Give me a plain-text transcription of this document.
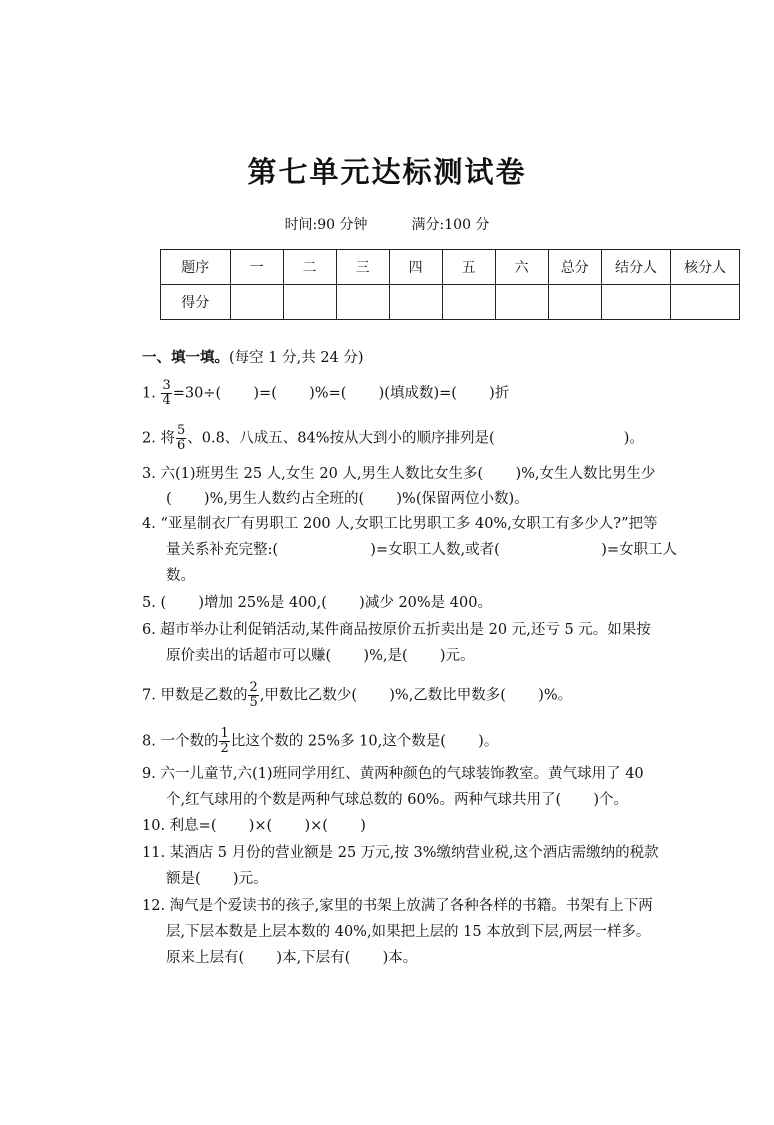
第七单元达标测试卷
时间:90 分钟	满分:100 分
题序	一	二	三	四	五	六	总分	结分人	核分人
得分									
一、填一填。(每空 1 分,共 24 分)
1. $\frac{3}{4} =30\div$(       )=(       )%=(       )(填成数)=(       )折
2. 将 $\frac{5}{6}$ 、0.8、八成五、84%按从大到小的顺序排列是(                            )。
3. 六(1)班男生 25 人,女生 20 人,男生人数比女生多(       )%,女生人数比男生少
(       )%,男生人数约占全班的(       )%(保留两位小数)。
4. “亚星制衣厂有男职工 200 人,女职工比男职工多 40%,女职工有多少人?”把等
量关系补充完整:(                    )=女职工人数,或者(                      )=女职工人
数。
5. (       )增加 25%是 400,(       )减少 20%是 400。
6. 超市举办让利促销活动,某件商品按原价五折卖出是 20 元,还亏 5 元。如果按
原价卖出的话超市可以赚(       )%,是(       )元。
7. 甲数是乙数的 $\frac{2}{5}$ ,甲数比乙数少(       )%,乙数比甲数多(       )%。
8. 一个数的 $\frac{1}{2}$ 比这个数的 25%多 10,这个数是(       )。
9. 六一儿童节,六(1)班同学用红、黄两种颜色的气球装饰教室。黄气球用了 40
个,红气球用的个数是两种气球总数的 60%。两种气球共用了(       )个。
10. 利息=(       )×(       )×(       )
11. 某酒店 5 月份的营业额是 25 万元,按 3%缴纳营业税,这个酒店需缴纳的税款
额是(       )元。
12. 淘气是个爱读书的孩子,家里的书架上放满了各种各样的书籍。书架有上下两
层,下层本数是上层本数的 40%,如果把上层的 15 本放到下层,两层一样多。
原来上层有(       )本,下层有(       )本。
